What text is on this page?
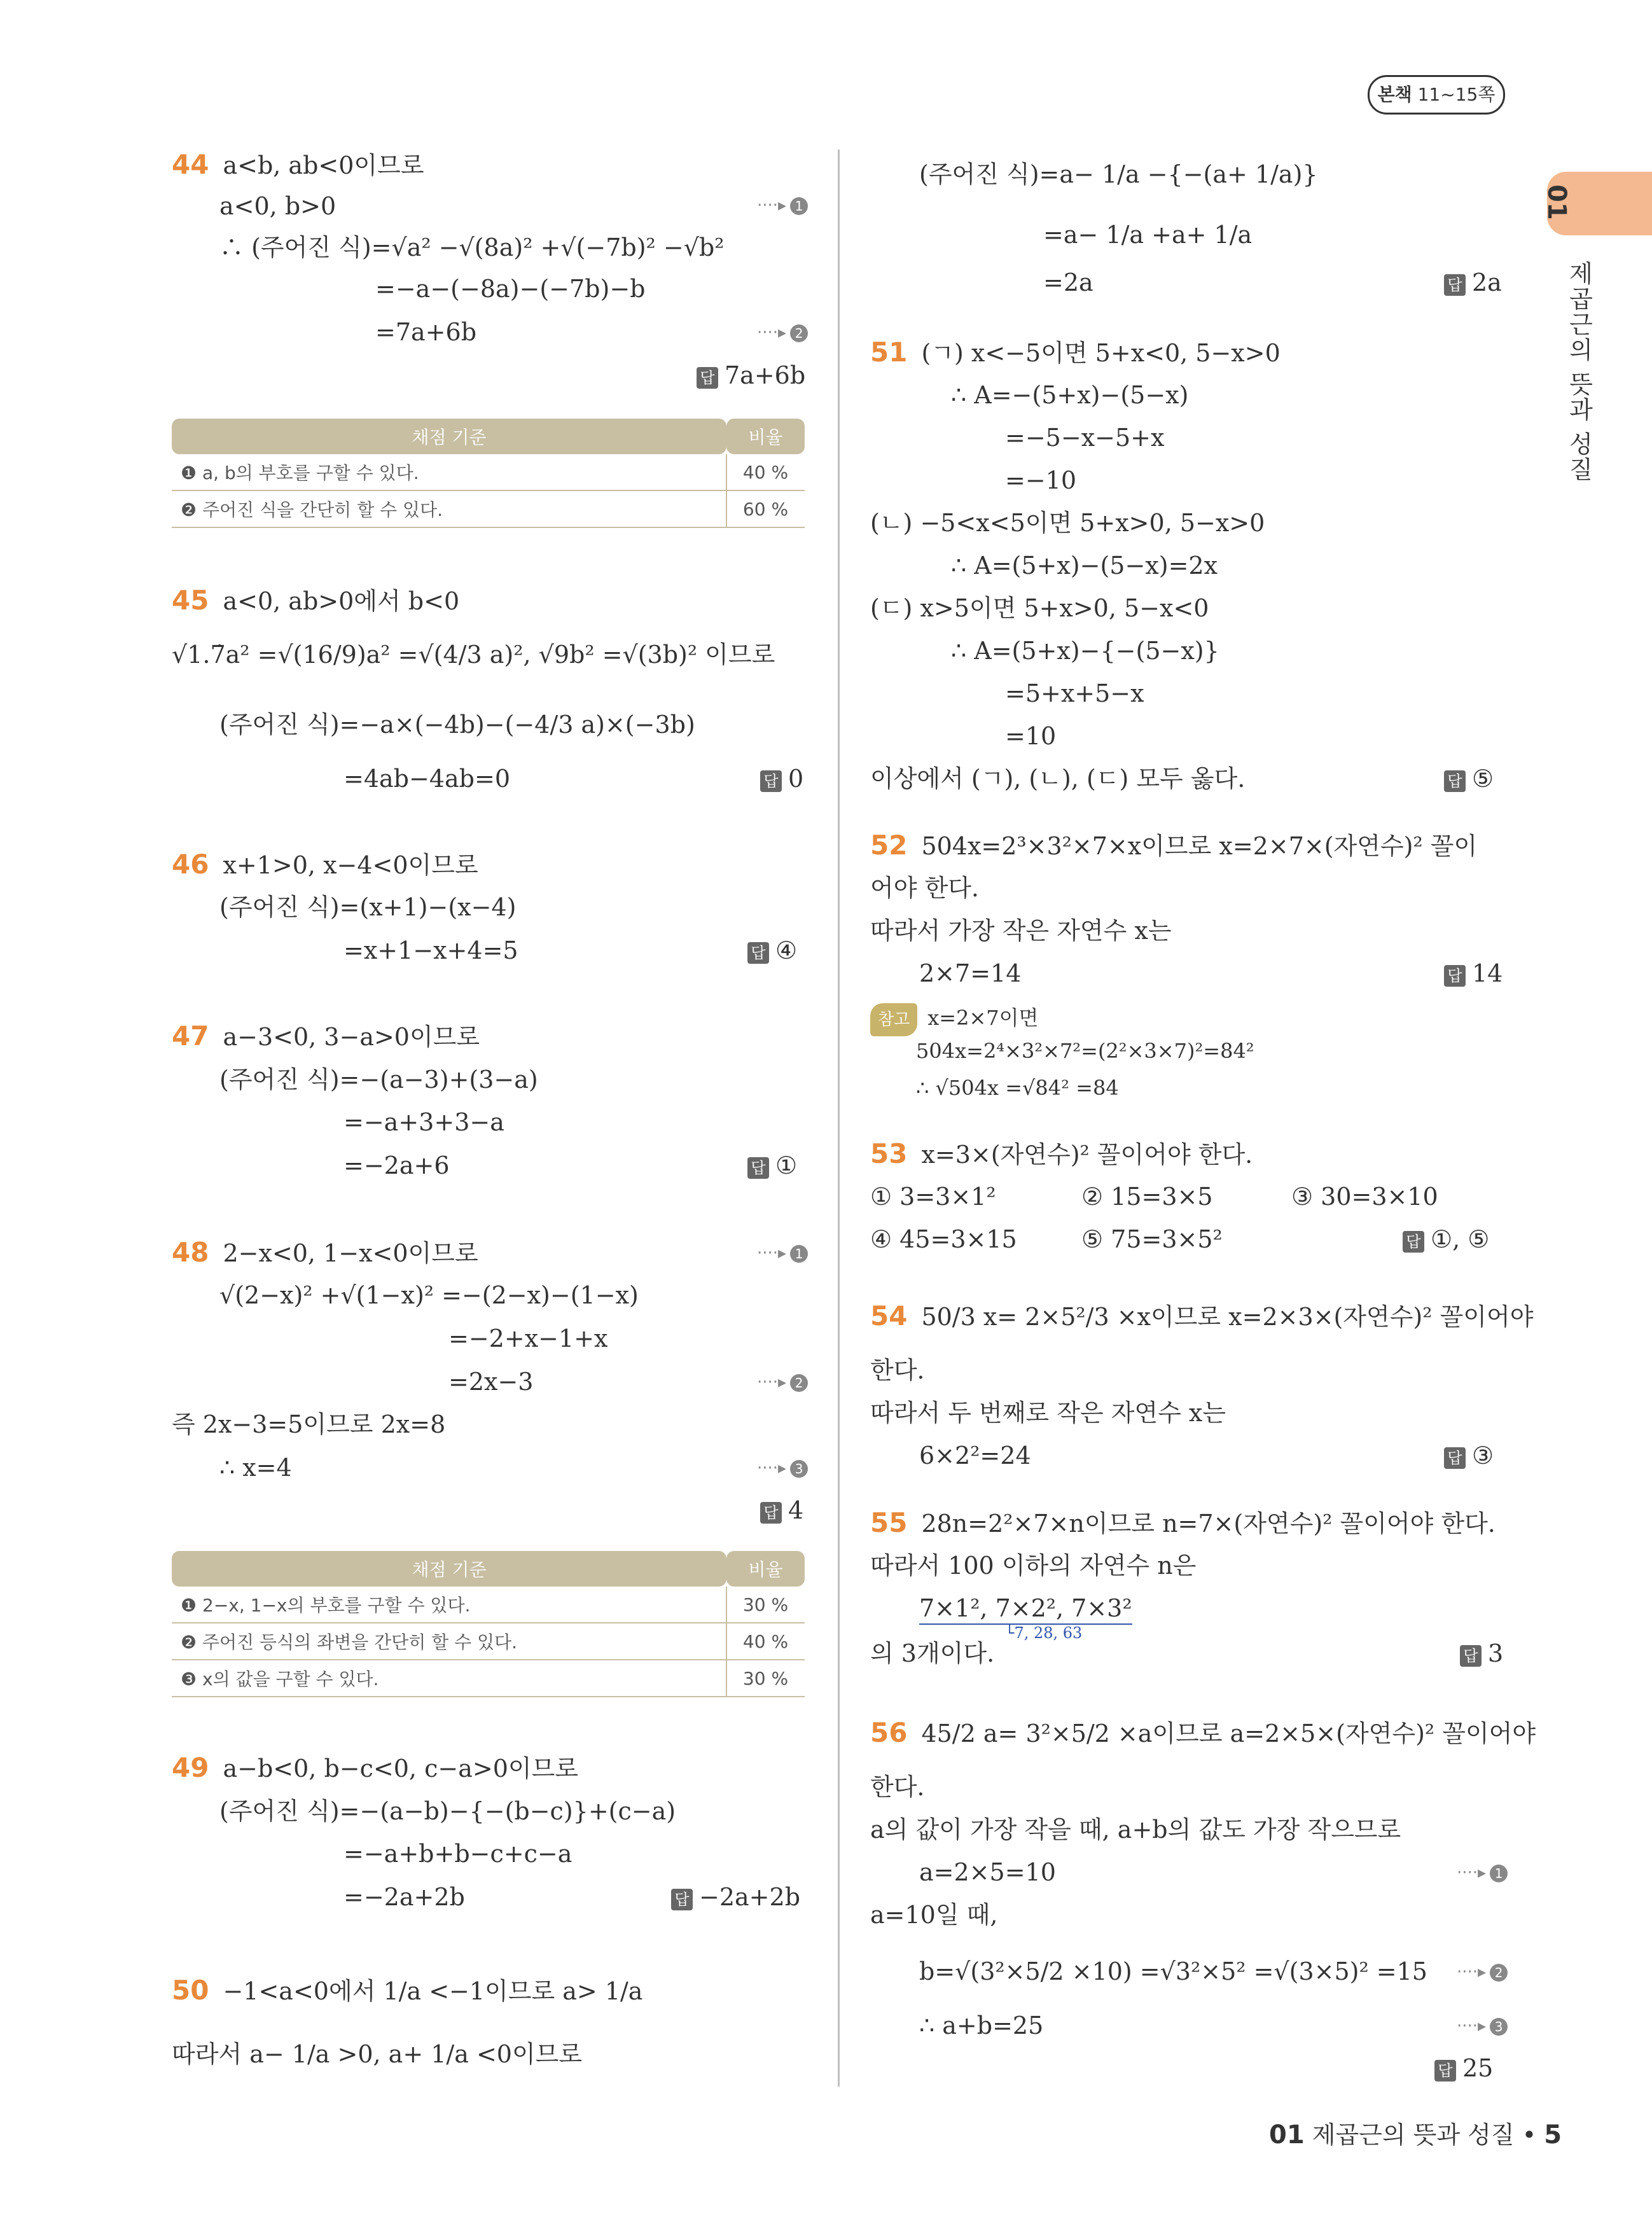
본책 11~15쪽
01
제곱근의 뜻과 성질
44 a<b, ab<0이므로
a<0, b>0	····▸ 1
∴ (주어진 식)=√a² −√(8a)² +√(−7b)² −√b²
=−a−(−8a)−(−7b)−b
=7a+6b	····▸ 2
답 7a+6b
채점 기준	비율
❶ a, b의 부호를 구할 수 있다.	40 %
❷ 주어진 식을 간단히 할 수 있다.	60 %
45 a<0, ab>0에서 b<0
√1.7̇a² =√(16/9)a² =√(4/3 a)², √9b² =√(3b)² 이므로
(주어진 식)=−a×(−4b)−(−4/3 a)×(−3b)
=4ab−4ab=0	답 0
46 x+1>0, x−4<0이므로
(주어진 식)=(x+1)−(x−4)
=x+1−x+4=5	답 ④
47 a−3<0, 3−a>0이므로
(주어진 식)=−(a−3)+(3−a)
=−a+3+3−a
=−2a+6	답 ①
48 2−x<0, 1−x<0이므로	····▸ 1
√(2−x)² +√(1−x)² =−(2−x)−(1−x)
=−2+x−1+x
=2x−3	····▸ 2
즉 2x−3=5이므로 2x=8
∴ x=4	····▸ 3
답 4
채점 기준	비율
❶ 2−x, 1−x의 부호를 구할 수 있다.	30 %
❷ 주어진 등식의 좌변을 간단히 할 수 있다.	40 %
❸ x의 값을 구할 수 있다.	30 %
49 a−b<0, b−c<0, c−a>0이므로
(주어진 식)=−(a−b)−{−(b−c)}+(c−a)
=−a+b+b−c+c−a
=−2a+2b	답 −2a+2b
50 −1<a<0에서 1/a <−1이므로 a> 1/a
따라서 a− 1/a >0, a+ 1/a <0이므로
(주어진 식)=a− 1/a −{−(a+ 1/a)}
=a− 1/a +a+ 1/a
=2a	답 2a
51 (ㄱ) x<−5이면 5+x<0, 5−x>0
∴ A=−(5+x)−(5−x)
=−5−x−5+x
=−10
(ㄴ) −5<x<5이면 5+x>0, 5−x>0
∴ A=(5+x)−(5−x)=2x
(ㄷ) x>5이면 5+x>0, 5−x<0
∴ A=(5+x)−{−(5−x)}
=5+x+5−x
=10
이상에서 (ㄱ), (ㄴ), (ㄷ) 모두 옳다.	답 ⑤
52 504x=2³×3²×7×x이므로 x=2×7×(자연수)² 꼴이
어야 한다.
따라서 가장 작은 자연수 x는
2×7=14	답 14
참고 x=2×7이면
504x=2⁴×3²×7²=(2²×3×7)²=84²
∴ √504x =√84² =84
53 x=3×(자연수)² 꼴이어야 한다.
① 3=3×1²	② 15=3×5	③ 30=3×10
④ 45=3×15	⑤ 75=3×5²	답 ①, ⑤
54 50/3 x= 2×5²/3 ×x이므로 x=2×3×(자연수)² 꼴이어야
한다.
따라서 두 번째로 작은 자연수 x는
6×2²=24	답 ③
55 28n=2²×7×n이므로 n=7×(자연수)² 꼴이어야 한다.
따라서 100 이하의 자연수 n은
7×1², 7×2², 7×3²
└7, 28, 63
의 3개이다.	답 3
56 45/2 a= 3²×5/2 ×a이므로 a=2×5×(자연수)² 꼴이어야
한다.
a의 값이 가장 작을 때, a+b의 값도 가장 작으므로
a=2×5=10	····▸ 1
a=10일 때,
b=√(3²×5/2 ×10) =√3²×5² =√(3×5)² =15 ····▸ 2
∴ a+b=25	····▸ 3
답 25
01 제곱근의 뜻과 성질 • 5
